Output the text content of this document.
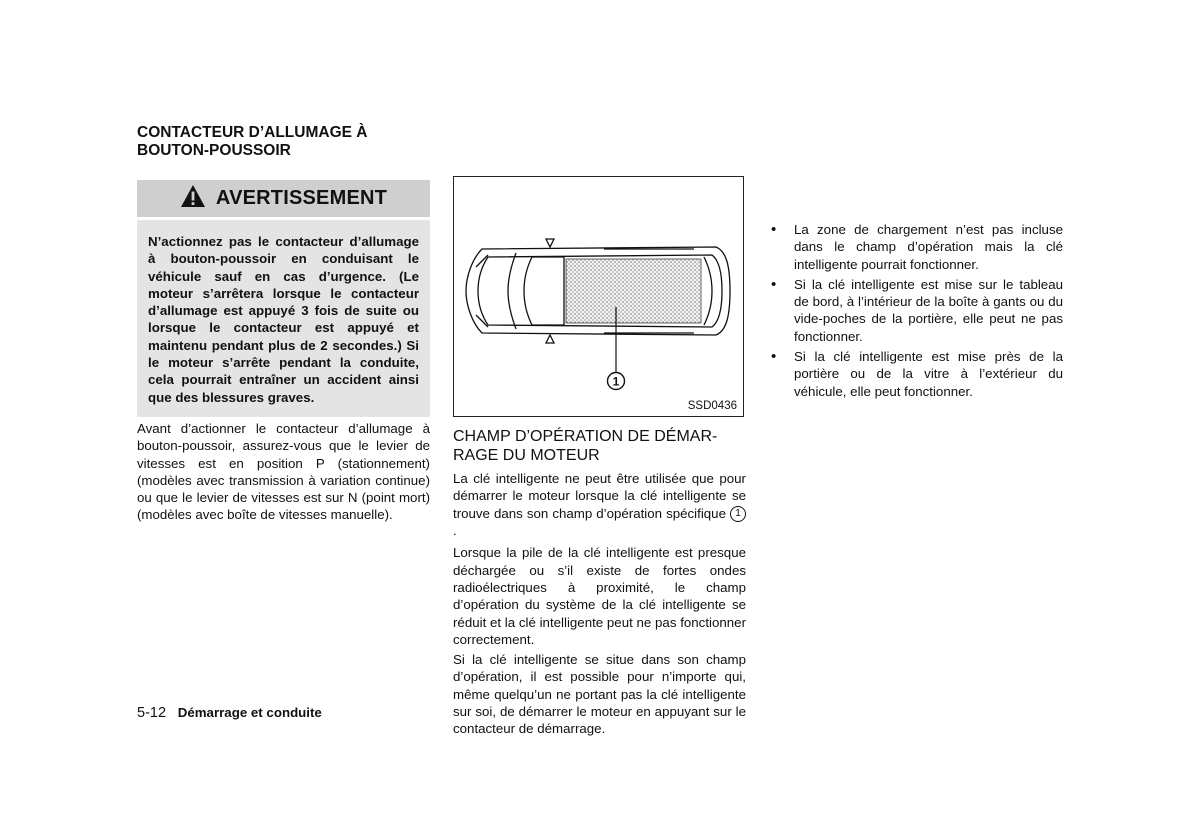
CONTACTEUR D’ALLUMAGE À
BOUTON-POUSSOIR
AVERTISSEMENT
N’actionnez pas le contacteur d’allumage à bouton-poussoir en conduisant le véhicule sauf en cas d’urgence. (Le moteur s’arrêtera lorsque le contacteur d’allumage est appuyé 3 fois de suite ou lorsque le contacteur est appuyé et maintenu pendant plus de 2 secondes.) Si le moteur s’arrête pendant la conduite, cela pourrait entraîner un accident ainsi que des blessures graves.

Avant d’actionner le contacteur d’allumage à bouton-poussoir, assurez-vous que le levier de vitesses est en position P (stationnement) (modèles avec transmission à variation continue) ou que le levier de vitesses est sur N (point mort) (modèles avec boîte de vitesses manuelle).

1
SSD0436
CHAMP D’OPÉRATION DE DÉMAR-
RAGE DU MOTEUR

La clé intelligente ne peut être utilisée que pour démarrer le moteur lorsque la clé intelligente se trouve dans son champ d’opération spécifique 1.

Lorsque la pile de la clé intelligente est presque déchargée ou s’il existe de fortes ondes radioélectriques à proximité, le champ d’opération du système de la clé intelligente se réduit et la clé intelligente peut ne pas fonctionner correctement.

Si la clé intelligente se situe dans son champ d’opération, il est possible pour n’importe qui, même quelqu’un ne portant pas la clé intelligente sur soi, de démarrer le moteur en appuyant sur le contacteur de démarrage.

• La zone de chargement n’est pas incluse dans le champ d’opération mais la clé intelligente pourrait fonctionner.
• Si la clé intelligente est mise sur le tableau de bord, à l’intérieur de la boîte à gants ou du vide-poches de la portière, elle peut ne pas fonctionner.
• Si la clé intelligente est mise près de la portière ou de la vitre à l’extérieur du véhicule, elle peut fonctionner.
5-12 Démarrage et conduite
